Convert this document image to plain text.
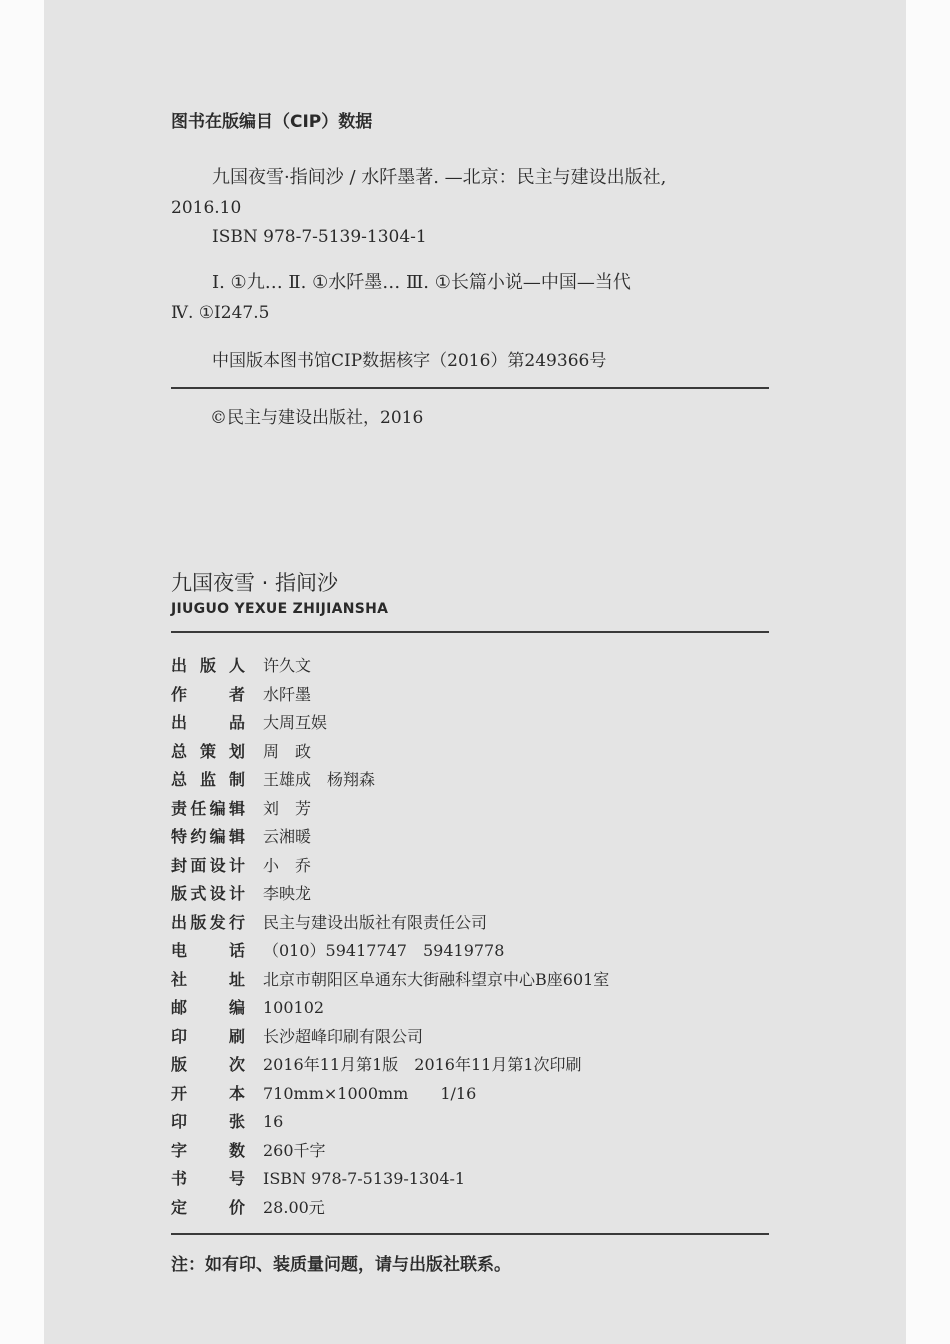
图书在版编目（CIP）数据
九国夜雪·指间沙 / 水阡墨著. —北京：民主与建设出版社,
2016.10
ISBN 978-7-5139-1304-1
Ⅰ. ①九… Ⅱ. ①水阡墨… Ⅲ. ①长篇小说—中国—当代
Ⅳ. ①I247.5
中国版本图书馆CIP数据核字（2016）第249366号
©民主与建设出版社，2016
九国夜雪 · 指间沙
JIUGUO YEXUE ZHIJIANSHA
出 版 人 许久文
作	者 水阡墨
出	品 大周互娱
总 策 划 周　政
总 监 制 王雄成　杨翔森
责 任 编 辑 刘　芳
特 约 编 辑 云湘暖
封 面 设 计 小　乔
版 式 设 计 李映龙
出 版 发 行 民主与建设出版社有限责任公司
电	话 （010）59417747　59419778
社	址 北京市朝阳区阜通东大街融科望京中心B座601室
邮	编 100102
印	刷 长沙超峰印刷有限公司
版	次 2016年11月第1版　2016年11月第1次印刷
开	本 710mm×1000mm　　1/16
印	张 16
字	数 260千字
书	号 ISBN 978-7-5139-1304-1
定	价 28.00元
注：如有印、装质量问题，请与出版社联系。
